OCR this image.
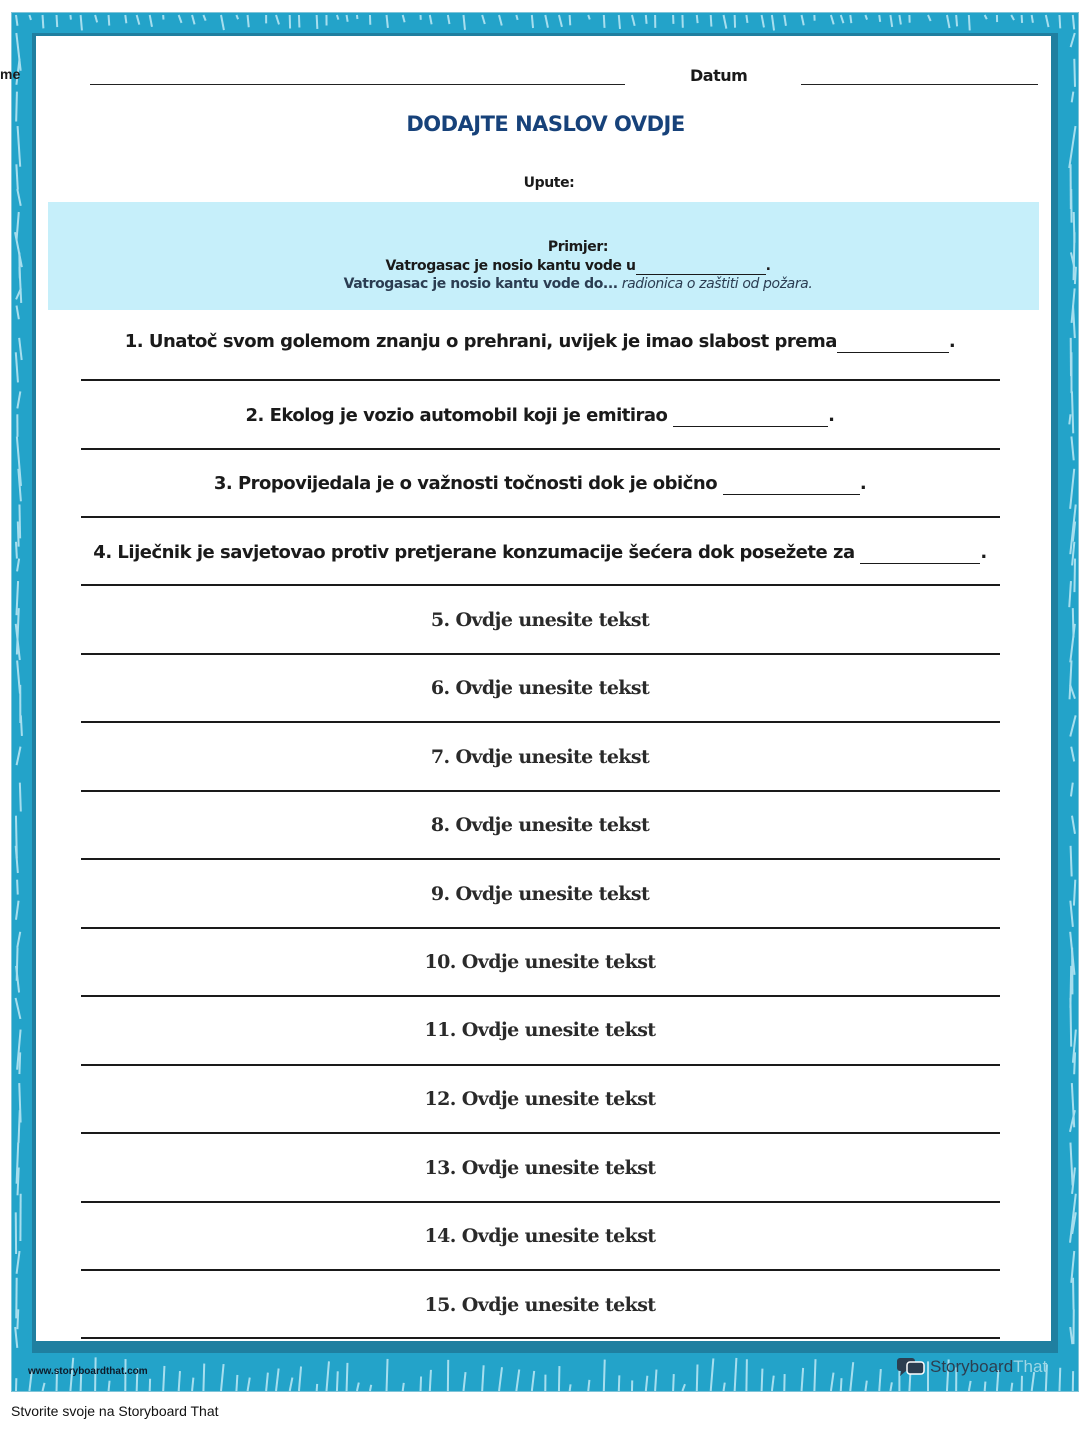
me	Datum
DODAJTE NASLOV OVDJE
Upute:
Primjer:
Vatrogasac je nosio kantu vode u	.
Vatrogasac je nosio kantu vode do... radionica o zaštiti od požara.
1. Unatoč svom golemom znanju o prehrani, uvijek je imao slabost prema	.
2. Ekolog je vozio automobil koji je emitirao	.
3. Propovijedala je o važnosti točnosti dok je obično	.
4. Liječnik je savjetovao protiv pretjerane konzumacije šećera dok posežete za	.
5. Ovdje unesite tekst
6. Ovdje unesite tekst
7. Ovdje unesite tekst
8. Ovdje unesite tekst
9. Ovdje unesite tekst
10. Ovdje unesite tekst
11. Ovdje unesite tekst
12. Ovdje unesite tekst
13. Ovdje unesite tekst
14. Ovdje unesite tekst
15. Ovdje unesite tekst
www.storyboardthat.com	StoryboardThat
Stvorite svoje na Storyboard That
